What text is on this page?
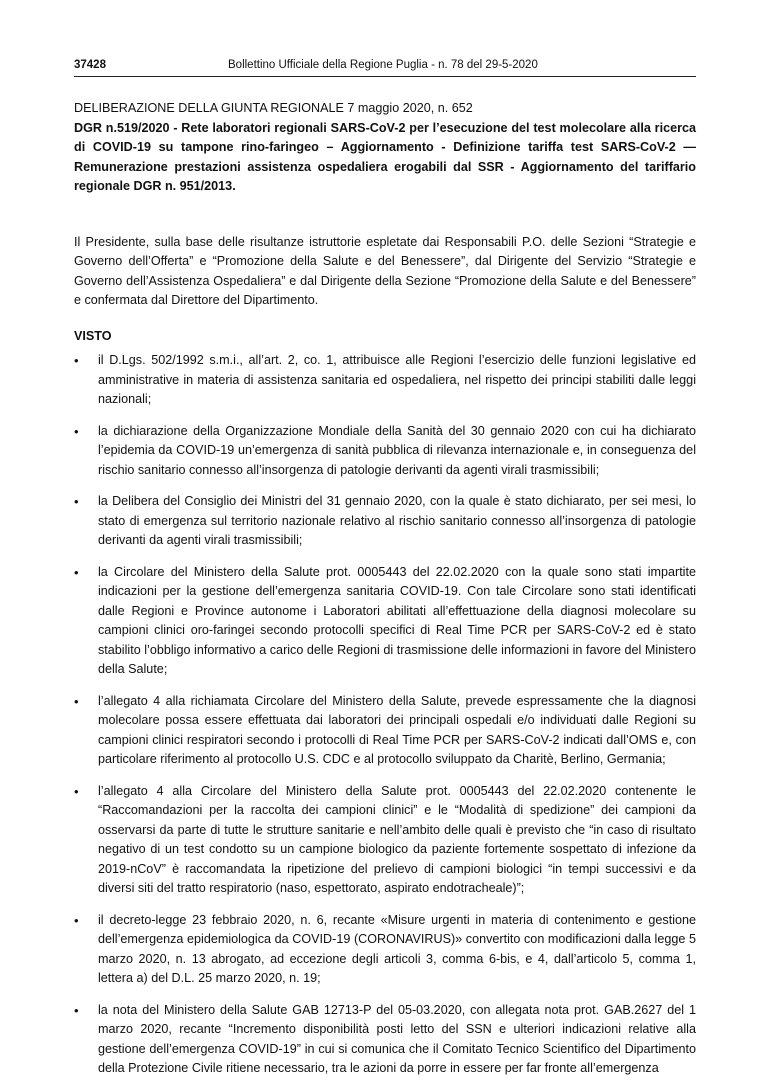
37428	Bollettino Ufficiale della Regione Puglia - n. 78 del 29-5-2020
DELIBERAZIONE DELLA GIUNTA REGIONALE 7 maggio 2020, n. 652
DGR n.519/2020 - Rete laboratori regionali SARS-CoV-2 per l’esecuzione del test molecolare alla ricerca di COVID-19 su tampone rino-faringeo – Aggiornamento - Definizione tariffa test SARS-CoV-2 — Remunerazione prestazioni assistenza ospedaliera erogabili dal SSR - Aggiornamento del tariffario regionale DGR n. 951/2013.
Il Presidente, sulla base delle risultanze istruttorie espletate dai Responsabili P.O. delle Sezioni “Strategie e Governo dell’Offerta” e “Promozione della Salute e del Benessere”, dal Dirigente del Servizio “Strategie e Governo dell’Assistenza Ospedaliera” e dal Dirigente della Sezione “Promozione della Salute e del Benessere” e confermata dal Direttore del Dipartimento.
VISTO
•	il D.Lgs. 502/1992 s.m.i., all’art. 2, co. 1, attribuisce alle Regioni l’esercizio delle funzioni legislative ed amministrative in materia di assistenza sanitaria ed ospedaliera, nel rispetto dei principi stabiliti dalle leggi nazionali;
•	la dichiarazione della Organizzazione Mondiale della Sanità del 30 gennaio 2020 con cui ha dichiarato l’epidemia da COVID-19 un’emergenza di sanità pubblica di rilevanza internazionale e, in conseguenza del rischio sanitario connesso all’insorgenza di patologie derivanti da agenti virali trasmissibili;
•	la Delibera del Consiglio dei Ministri del 31 gennaio 2020, con la quale è stato dichiarato, per sei mesi, lo stato di emergenza sul territorio nazionale relativo al rischio sanitario connesso all’insorgenza di patologie derivanti da agenti virali trasmissibili;
•	la Circolare del Ministero della Salute prot. 0005443 del 22.02.2020 con la quale sono stati impartite indicazioni per la gestione dell’emergenza sanitaria COVID-19. Con tale Circolare sono stati identificati dalle Regioni e Province autonome i Laboratori abilitati all’effettuazione della diagnosi molecolare su campioni clinici oro-faringei secondo protocolli specifici di Real Time PCR per SARS-CoV-2 ed è stato stabilito l’obbligo informativo a carico delle Regioni di trasmissione delle informazioni in favore del Ministero della Salute;
•	l’allegato 4 alla richiamata Circolare del Ministero della Salute, prevede espressamente che la diagnosi molecolare possa essere effettuata dai laboratori dei principali ospedali e/o individuati dalle Regioni su campioni clinici respiratori secondo i protocolli di Real Time PCR per SARS-CoV-2 indicati dall’OMS e, con particolare riferimento al protocollo U.S. CDC e al protocollo sviluppato da Charitè, Berlino, Germania;
•	l’allegato 4 alla Circolare del Ministero della Salute prot. 0005443 del 22.02.2020 contenente le “Raccomandazioni per la raccolta dei campioni clinici” e le “Modalità di spedizione” dei campioni da osservarsi da parte di tutte le strutture sanitarie e nell’ambito delle quali è previsto che “in caso di risultato negativo di un test condotto su un campione biologico da paziente fortemente sospettato di infezione da 2019-nCoV” è raccomandata la ripetizione del prelievo di campioni biologici “in tempi successivi e da diversi siti del tratto respiratorio (naso, espettorato, aspirato endotracheale)”;
•	il decreto-legge 23 febbraio 2020, n. 6, recante «Misure urgenti in materia di contenimento e gestione dell’emergenza epidemiologica da COVID-19 (CORONAVIRUS)» convertito con modificazioni dalla legge 5 marzo 2020, n. 13 abrogato, ad eccezione degli articoli 3, comma 6-bis, e 4, dall’articolo 5, comma 1, lettera a) del D.L. 25 marzo 2020, n. 19;
•	la nota del Ministero della Salute GAB 12713-P del 05-03.2020, con allegata nota prot. GAB.2627 del 1 marzo 2020, recante “Incremento disponibilità posti letto del SSN e ulteriori indicazioni relative alla gestione dell’emergenza COVID-19” in cui si comunica che il Comitato Tecnico Scientifico del Dipartimento della Protezione Civile ritiene necessario, tra le azioni da porre in essere per far fronte all’emergenza
